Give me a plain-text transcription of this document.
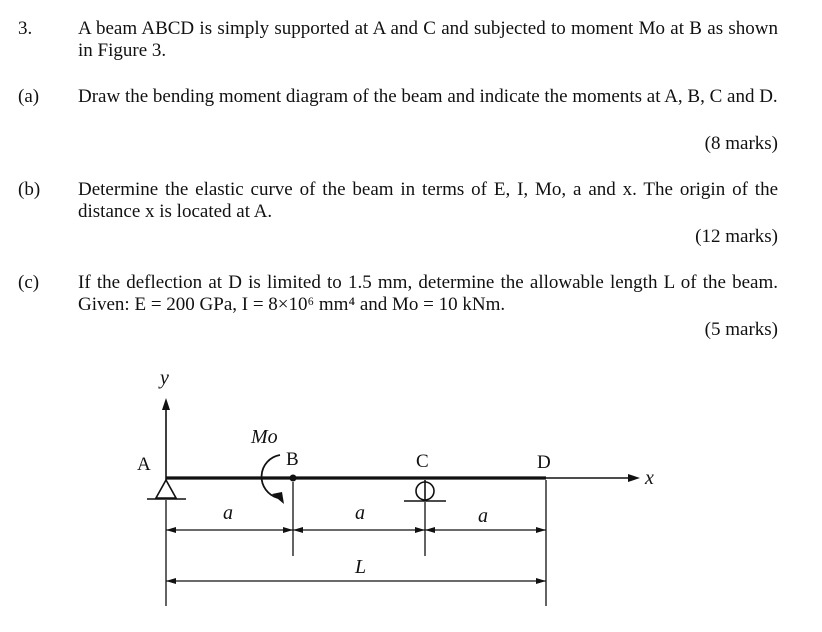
3. A beam ABCD is simply supported at A and C and subjected to moment Mo at B as shown in Figure 3.
(a) Draw the bending moment diagram of the beam and indicate the moments at A, B, C and D.
(8 marks)
(b) Determine the elastic curve of the beam in terms of E, I, Mo, a and x. The origin of the distance x is located at A.
(12 marks)
(c) If the deflection at D is limited to 1.5 mm, determine the allowable length L of the beam. Given: E = 200 GPa, I = 8×10⁶ mm⁴ and Mo = 10 kNm.
(5 marks)
y
x
A	B
Mo
C	D
a	a	a
L
